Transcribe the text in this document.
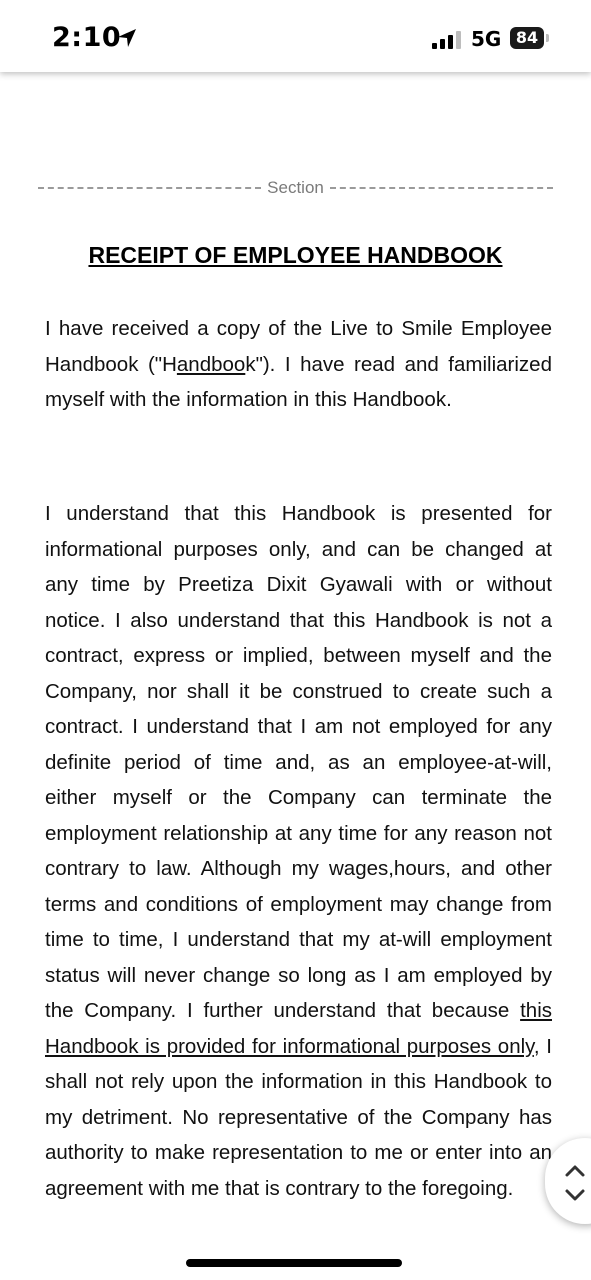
2:10	5G 84
Section
RECEIPT OF EMPLOYEE HANDBOOK

I have received a copy of the Live to Smile Employee Handbook ("Handbook"). I have read and familiarized myself with the information in this Handbook.

I understand that this Handbook is presented for informational purposes only, and can be changed at any time by Preetiza Dixit Gyawali with or without notice. I also understand that this Handbook is not a contract, express or implied, between myself and the Company, nor shall it be construed to create such a contract. I understand that I am not employed for any definite period of time and, as an employee-at-will, either myself or the Company can terminate the employment relationship at any time for any reason not contrary to law. Although my wages,hours, and other terms and conditions of employment may change from time to time, I understand that my at-will employment status will never change so long as I am employed by the Company. I further understand that because this Handbook is provided for informational purposes only, I shall not rely upon the information in this Handbook to my detriment. No representative of the Company has authority to make representation to me or enter into an agreement with me that is contrary to the foregoing.
